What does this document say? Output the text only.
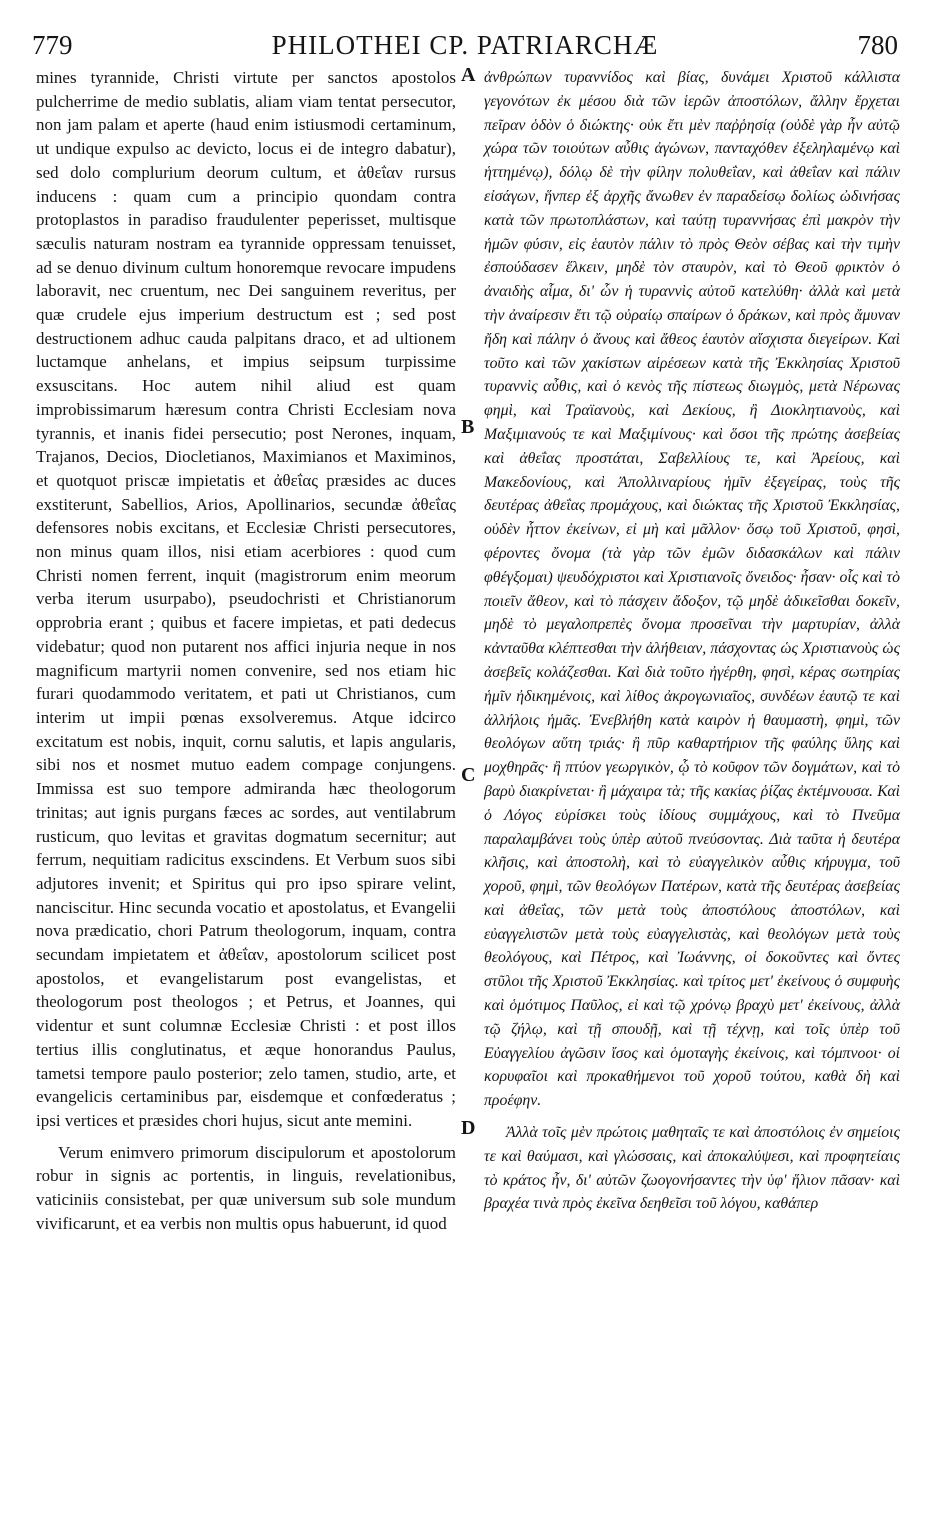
779	PHILOTHEI CP. PATRIARCHÆ	780

mines tyrannide, Christi virtute per sanctos apostolos pulcherrime de medio sublatis, aliam viam tentat persecutor, non jam palam et aperte (haud enim istiusmodi certaminum, ut undique expulso ac devicto, locus ei de integro dabatur), sed dolo complurium deorum cultum, et ἀθεΐαν rursus inducens : quam cum a principio quondam contra protoplastos in paradiso fraudulenter peperisset, multisque sæculis naturam nostram ea tyrannide oppressam tenuisset, ad se denuo divinum cultum honoremque revocare impudens laboravit, nec cruentum, nec Dei sanguinem reveritus, per quæ crudele ejus imperium destructum est ; sed post destructionem adhuc cauda palpitans draco, et ad ultionem luctamque anhelans, et impius seipsum turpissime exsuscitans. Hoc autem nihil aliud est quam improbissimarum hæresum contra Christi Ecclesiam nova tyrannis, et inanis fidei persecutio; post Nerones, inquam, Trajanos, Decios, Diocletianos, Maximianos et Maximinos, et quotquot priscæ impietatis et ἀθεΐας præsides ac duces exstiterunt, Sabellios, Arios, Apollinarios, secundæ ἀθεΐας defensores nobis excitans, et Ecclesiæ Christi persecutores, non minus quam illos, nisi etiam acerbiores : quod cum Christi nomen ferrent, inquit (magistrorum enim meorum verba iterum usurpabo), pseudochristi et Christianorum opprobria erant ; quibus et facere impietas, et pati dedecus videbatur; quod non putarent nos affici injuria neque in nos magnificum martyrii nomen convenire, sed nos etiam hic furari quodammodo veritatem, et pati ut Christianos, cum interim ut impii pœnas exsolveremus. Atque idcirco excitatum est nobis, inquit, cornu salutis, et lapis angularis, sibi nos et nosmet mutuo eadem compage conjungens. Immissa est suo tempore admiranda hæc theologorum trinitas; aut ignis purgans fæces ac sordes, aut ventilabrum rusticum, quo levitas et gravitas dogmatum secernitur; aut ferrum, nequitiam radicitus exscindens. Et Verbum suos sibi adjutores invenit; et Spiritus qui pro ipso spirare velint, nanciscitur. Hinc secunda vocatio et apostolatus, et Evangelii nova prædicatio, chori Patrum theologorum, inquam, contra secundam impietatem et ἀθεΐαν, apostolorum scilicet post apostolos, et evangelistarum post evangelistas, et theologorum post theologos ; et Petrus, et Joannes, qui videntur et sunt columnæ Ecclesiæ Christi : et post illos tertius illis conglutinatus, et æque honorandus Paulus, tametsi tempore paulo posterior; zelo tamen, studio, arte, et evangelicis certaminibus par, eisdemque et confœderatus ; ipsi vertices et præsides chori hujus, sicut ante memini.

Verum enimvero primorum discipulorum et apostolorum robur in signis ac portentis, in linguis, revelationibus, vaticiniis consistebat, per quæ universum sub sole mundum vivificarunt, et ea verbis non multis opus habuerunt, id quod

A
B
C
D

ἀνθρώπων τυραννίδος καὶ βίας, δυνάμει Χριστοῦ κάλλιστα γεγονότων ἐκ μέσου διὰ τῶν ἱερῶν ἀποστόλων, ἄλλην ἔρχεται πεῖραν ὁδὸν ὁ διώκτης· οὐκ ἔτι μὲν παῤῥησίᾳ (οὐδὲ γὰρ ἦν αὐτῷ χώρα τῶν τοιούτων αὖθις ἀγώνων, πανταχόθεν ἐξεληλαμένῳ καὶ ἡττημένῳ), δόλῳ δὲ τὴν φίλην πολυθεΐαν, καὶ ἀθεΐαν καὶ πάλιν εἰσάγων, ἥνπερ ἐξ ἀρχῆς ἄνωθεν ἐν παραδείσῳ δολίως ὠδινήσας κατὰ τῶν πρωτοπλάστων, καὶ ταύτῃ τυραννήσας ἐπὶ μακρὸν τὴν ἡμῶν φύσιν, εἰς ἑαυτὸν πάλιν τὸ πρὸς Θεὸν σέβας καὶ τὴν τιμὴν ἐσπούδασεν ἕλκειν, μηδὲ τὸν σταυρὸν, καὶ τὸ Θεοῦ φρικτὸν ὁ ἀναιδὴς αἷμα, δι' ὧν ἡ τυραννὶς αὐτοῦ κατελύθη· ἀλλὰ καὶ μετὰ τὴν ἀναίρεσιν ἔτι τῷ οὐραίῳ σπαίρων ὁ δράκων, καὶ πρὸς ἄμυναν ἤδη καὶ πάλην ὁ ἄνους καὶ ἄθεος ἑαυτὸν αἴσχιστα διεγείρων. Καὶ τοῦτο καὶ τῶν χακίστων αἱρέσεων κατὰ τῆς Ἐκκλησίας Χριστοῦ τυραννὶς αὖθις, καὶ ὁ κενὸς τῆς πίστεως διωγμὸς, μετὰ Νέρωνας φημὶ, καὶ Τραϊανοὺς, καὶ Δεκίους, ἢ Διοκλητιανοὺς, καὶ Μαξιμιανούς τε καὶ Μαξιμίνους· καὶ ὅσοι τῆς πρώτης ἀσεβείας καὶ ἀθεΐας προστάται, Σαβελλίους τε, καὶ Ἀρείους, καὶ Μακεδονίους, καὶ Ἀπολλιναρίους ἡμῖν ἐξεγείρας, τοὺς τῆς δευτέρας ἀθεΐας προμάχους, καὶ διώκτας τῆς Χριστοῦ Ἐκκλησίας, οὐδὲν ἧττον ἐκείνων, εἰ μὴ καὶ μᾶλλον· ὅσῳ τοῦ Χριστοῦ, φησὶ, φέροντες ὄνομα (τὰ γὰρ τῶν ἐμῶν διδασκάλων καὶ πάλιν φθέγξομαι) ψευδόχριστοι καὶ Χριστιανοῖς ὄνειδος· ἦσαν· οἷς καὶ τὸ ποιεῖν ἄθεον, καὶ τὸ πάσχειν ἄδοξον, τῷ μηδὲ ἀδικεῖσθαι δοκεῖν, μηδὲ τὸ μεγαλοπρεπὲς ὄνομα προσεῖναι τὴν μαρτυρίαν, ἀλλὰ κἀνταῦθα κλέπτεσθαι τὴν ἀλήθειαν, πάσχοντας ὡς Χριστιανοὺς ὡς ἀσεβεῖς κολάζεσθαι. Καὶ διὰ τοῦτο ἠγέρθη, φησὶ, κέρας σωτηρίας ἡμῖν ἠδικημένοις, καὶ λίθος ἀκρογωνιαῖος, συνδέων ἑαυτῷ τε καὶ ἀλλήλοις ἡμᾶς. Ἐνεβλήθη κατὰ καιρὸν ἡ θαυμαστὴ, φημὶ, τῶν θεολόγων αὕτη τριάς· ἢ πῦρ καθαρτήριον τῆς φαύλης ὕλης καὶ μοχθηρᾶς· ἢ πτύον γεωργικὸν, ᾧ τὸ κοῦφον τῶν δογμάτων, καὶ τὸ βαρὺ διακρίνεται· ἢ μάχαιρα τὰ; τῆς κακίας ῥίζας ἐκτέμνουσα. Καὶ ὁ Λόγος εὑρίσκει τοὺς ἰδίους συμμάχους, καὶ τὸ Πνεῦμα παραλαμβάνει τοὺς ὑπὲρ αὐτοῦ πνεύσοντας. Διὰ ταῦτα ἡ δευτέρα κλῆσις, καὶ ἀποστολὴ, καὶ τὸ εὐαγγελικὸν αὖθις κήρυγμα, τοῦ χοροῦ, φημὶ, τῶν θεολόγων Πατέρων, κατὰ τῆς δευτέρας ἀσεβείας καὶ ἀθεΐας, τῶν μετὰ τοὺς ἀποστόλους ἀποστόλων, καὶ εὐαγγελιστῶν μετὰ τοὺς εὐαγγελιστὰς, καὶ θεολόγων μετὰ τοὺς θεολόγους, καὶ Πέτρος, καὶ Ἰωάννης, οἱ δοκοῦντες καὶ ὄντες στῦλοι τῆς Χριστοῦ Ἐκκλησίας. καὶ τρίτος μετ' ἐκείνους ὁ συμφυὴς καὶ ὁμότιμος Παῦλος, εἰ καὶ τῷ χρόνῳ βραχὺ μετ' ἐκείνους, ἀλλὰ τῷ ζήλῳ, καὶ τῇ σπουδῇ, καὶ τῇ τέχνῃ, καὶ τοῖς ὑπὲρ τοῦ Εὐαγγελίου ἀγῶσιν ἴσος καὶ ὁμοταγὴς ἐκείνοις, καὶ τόμπνοοι· οἱ κορυφαῖοι καὶ προκαθήμενοι τοῦ χοροῦ τούτου, καθὰ δὴ καὶ προέφην.

Ἀλλὰ τοῖς μὲν πρώτοις μαθηταῖς τε καὶ ἀποστόλοις ἐν σημείοις τε καὶ θαύμασι, καὶ γλώσσαις, καὶ ἀποκαλύψεσι, καὶ προφητείαις τὸ κράτος ἦν, δι' αὐτῶν ζωογονήσαντες τὴν ὑφ' ἥλιον πᾶσαν· καὶ βραχέα τινὰ πρὸς ἐκεῖνα δεηθεῖσι τοῦ λόγου, καθάπερ
